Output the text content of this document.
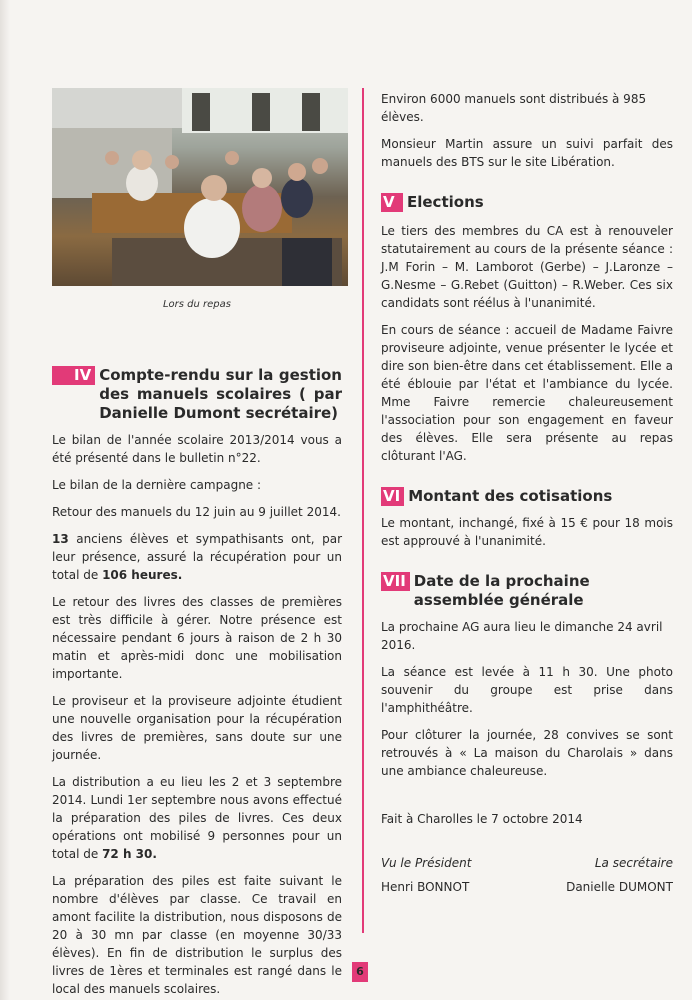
Lors du repas

IV Compte-rendu sur la gestion des manuels scolaires ( par Danielle Dumont secrétaire)

Le bilan de l'année scolaire 2013/2014 vous a été présenté dans le bulletin n°22.

Le bilan de la dernière campagne :

Retour des manuels du 12 juin au 9 juillet 2014.

13 anciens élèves et sympathisants ont, par leur présence, assuré la récupération pour un total de 106 heures.

Le retour des livres des classes de premières est très difficile à gérer. Notre présence est nécessaire pendant 6 jours à raison de 2 h 30 matin et après-midi donc une mobilisation importante.

Le proviseur et la proviseure adjointe étudient une nouvelle organisation pour la récupération des livres de premières, sans doute sur une journée.

La distribution a eu lieu les 2 et 3 septembre 2014. Lundi 1er septembre nous avons effectué la préparation des piles de livres. Ces deux opérations ont mobilisé 9 personnes pour un total de 72 h 30.

La préparation des piles est faite suivant le nombre d'élèves par classe. Ce travail en amont facilite la distribution, nous disposons de 20 à 30 mn par classe (en moyenne 30/33 élèves). En fin de distribution le surplus des livres de 1ères et terminales est rangé dans le local des manuels scolaires.

Environ 6000 manuels sont distribués à 985 élèves.

Monsieur Martin assure un suivi parfait des manuels des BTS sur le site Libération.

V Elections

Le tiers des membres du CA est à renouveler statutairement au cours de la présente séance : J.M Forin – M. Lamborot (Gerbe) – J.Laronze – G.Nesme – G.Rebet (Guitton) – R.Weber. Ces six candidats sont réélus à l'unanimité.

En cours de séance : accueil de Madame Faivre proviseure adjointe, venue présenter le lycée et dire son bien-être dans cet établissement. Elle a été éblouie par l'état et l'ambiance du lycée. Mme Faivre remercie chaleureusement l'association pour son engagement en faveur des élèves. Elle sera présente au repas clôturant l'AG.

VI Montant des cotisations

Le montant, inchangé, fixé à 15 € pour 18 mois est approuvé à l'unanimité.

VII Date de la prochaine assemblée générale

La prochaine AG aura lieu le dimanche 24 avril 2016.

La séance est levée à 11 h 30. Une photo souvenir du groupe est prise dans l'amphithéâtre.

Pour clôturer la journée, 28 convives se sont retrouvés à « La maison du Charolais » dans une ambiance chaleureuse.

Fait à Charolles le 7 octobre 2014

Vu le Président	La secrétaire
Henri BONNOT	Danielle DUMONT
6
